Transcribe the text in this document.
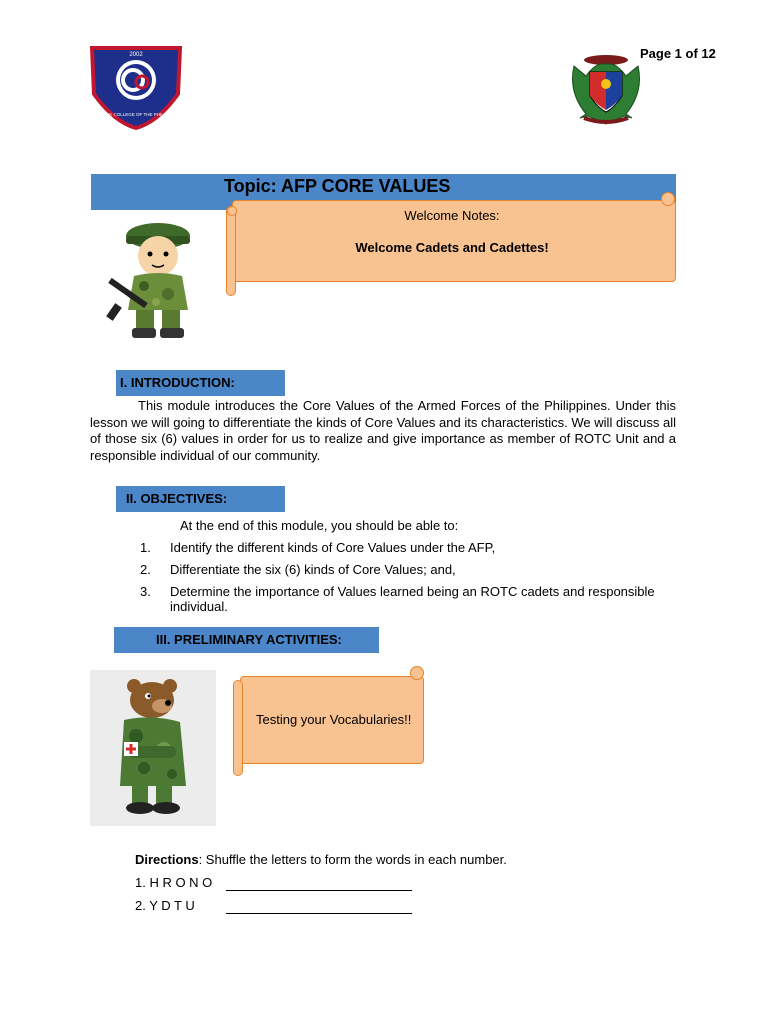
Page 1 of 12
2002
BESTLINK COLLEGE OF THE PHILIPPINES
Topic: AFP CORE VALUES
Welcome Notes:
Welcome Cadets and Cadettes!
I. INTRODUCTION:
This module introduces the Core Values of the Armed Forces of the Philippines. Under this lesson we will going to differentiate the kinds of Core Values and its characteristics. We will discuss all of those six (6) values in order for us to realize and give importance as member of ROTC Unit and a responsible individual of our community.
II. OBJECTIVES:
At the end of this module, you should be able to:
1.	Identify the different kinds of Core Values under the AFP,
2.	Differentiate the six (6) kinds of Core Values; and,
3.	Determine the importance of Values learned being an ROTC cadets and responsible individual.
III. PRELIMINARY ACTIVITIES:
Testing your Vocabularies!!
Directions: Shuffle the letters to form the words in each number.
1. H R O N O
2. Y D T U
